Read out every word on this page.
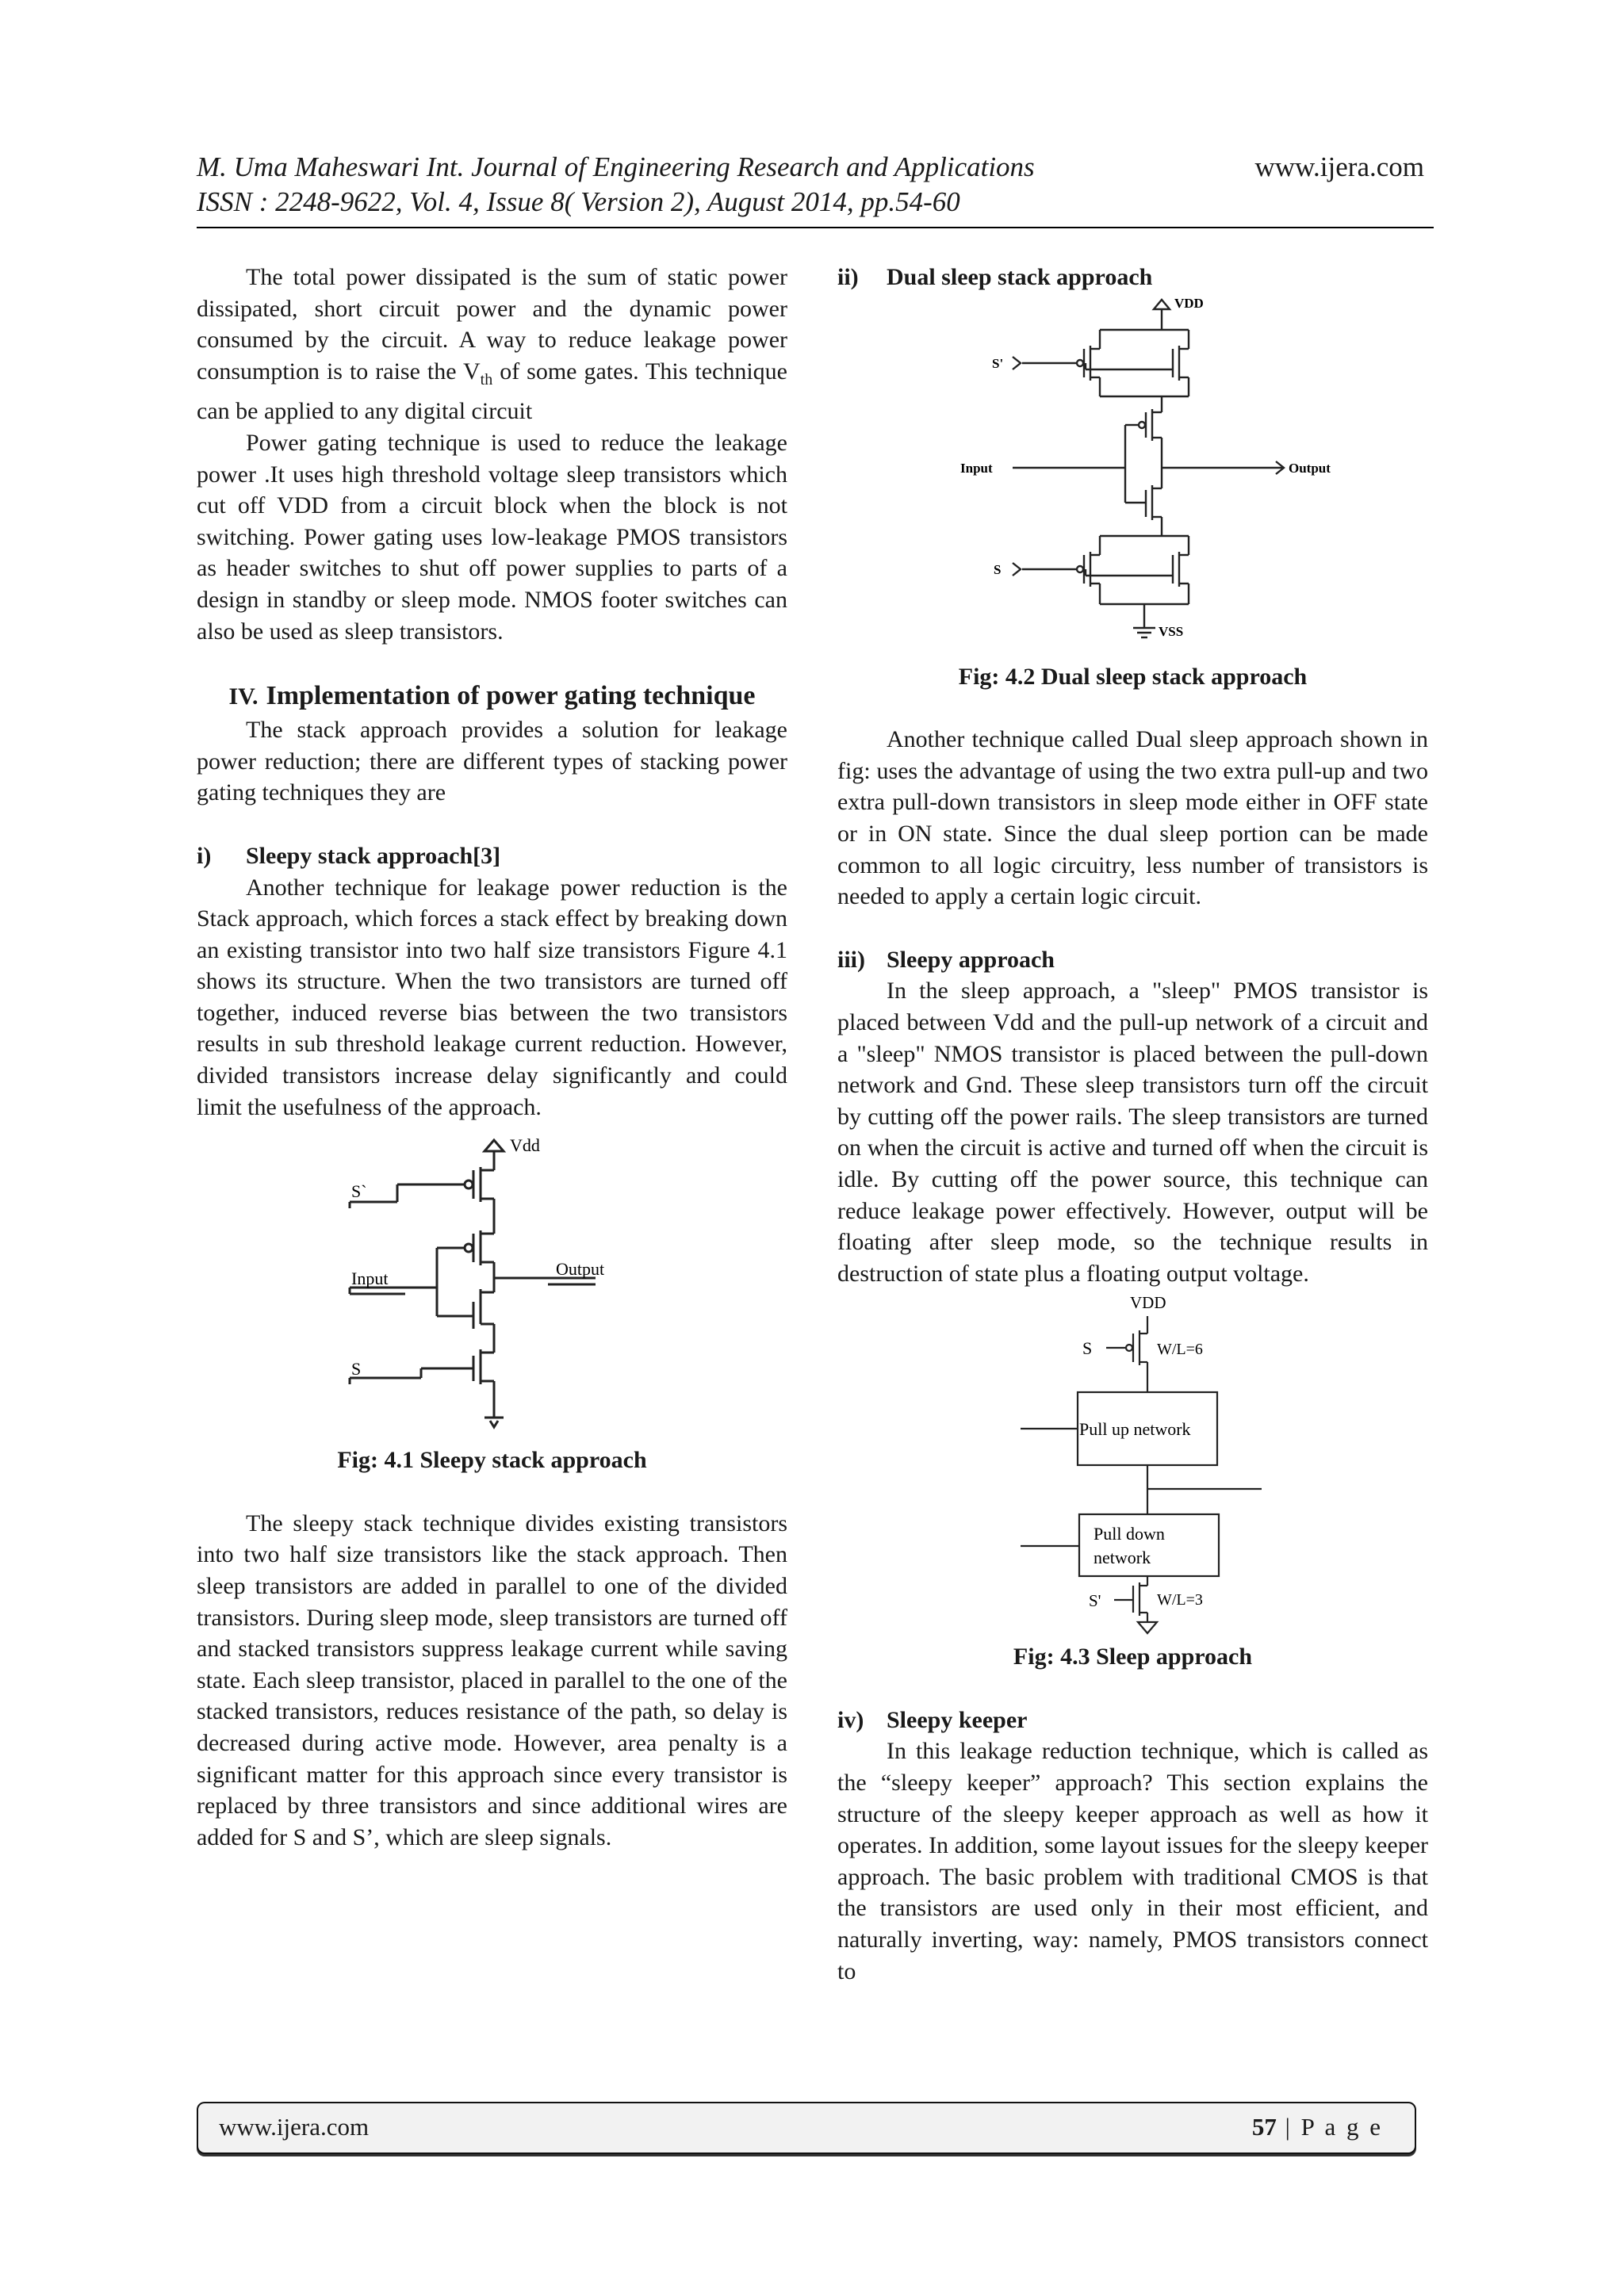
M. Uma Maheswari Int. Journal of Engineering Research and Applications
ISSN : 2248-9622, Vol. 4, Issue 8( Version 2), August 2014, pp.54-60
www.ijera.com

The total power dissipated is the sum of static power dissipated, short circuit power and the dynamic power consumed by the circuit. A way to reduce leakage power consumption is to raise the $V_{th}$ of some gates. This technique can be applied to any digital circuit

Power gating technique is used to reduce the leakage power .It uses high threshold voltage sleep transistors which cut off VDD from a circuit block when the block is not switching. Power gating uses low-leakage PMOS transistors as header switches to shut off power supplies to parts of a design in standby or sleep mode. NMOS footer switches can also be used as sleep transistors.

IV. Implementation of power gating technique

The stack approach provides a solution for leakage power reduction; there are different types of stacking power gating techniques they are

i)	Sleepy stack approach[3]

Another technique for leakage power reduction is the Stack approach, which forces a stack effect by breaking down an existing transistor into two half size transistors Figure 4.1 shows its structure. When the two transistors are turned off together, induced reverse bias between the two transistors results in sub threshold leakage current reduction. However, divided transistors increase delay significantly and could limit the usefulness of the approach.

Vdd
S`
Input	Output
S

Fig: 4.1 Sleepy stack approach

The sleepy stack technique divides existing transistors into two half size transistors like the stack approach. Then sleep transistors are added in parallel to one of the divided transistors. During sleep mode, sleep transistors are turned off and stacked transistors suppress leakage current while saving state. Each sleep transistor, placed in parallel to the one of the stacked transistors, reduces resistance of the path, so delay is decreased during active mode. However, area penalty is a significant matter for this approach since every transistor is replaced by three transistors and since additional wires are added for S and S’, which are sleep signals.

ii)	Dual sleep stack approach
VDD
S'
Input	Output
S
VSS

Fig: 4.2 Dual sleep stack approach

Another technique called Dual sleep approach shown in fig: uses the advantage of using the two extra pull-up and two extra pull-down transistors in sleep mode either in OFF state or in ON state. Since the dual sleep portion can be made common to all logic circuitry, less number of transistors is needed to apply a certain logic circuit.

iii) Sleepy approach

In the sleep approach, a "sleep" PMOS transistor is placed between Vdd and the pull-up network of a circuit and a "sleep" NMOS transistor is placed between the pull-down network and Gnd. These sleep transistors turn off the circuit by cutting off the power rails. The sleep transistors are turned on when the circuit is active and turned off when the circuit is idle. By cutting off the power source, this technique can reduce leakage power effectively. However, output will be floating after sleep mode, so the technique results in destruction of state plus a floating output voltage.

VDD
S	W/L=6
Pull up network
Pull down
network
S'	W/L=3

Fig: 4.3 Sleep approach

iv) Sleepy keeper

In this leakage reduction technique, which is called as the “sleepy keeper” approach? This section explains the structure of the sleepy keeper approach as well as how it operates. In addition, some layout issues for the sleepy keeper approach. The basic problem with traditional CMOS is that the transistors are used only in their most efficient, and naturally inverting, way: namely, PMOS transistors connect to

www.ijera.com	57 | P a g e
